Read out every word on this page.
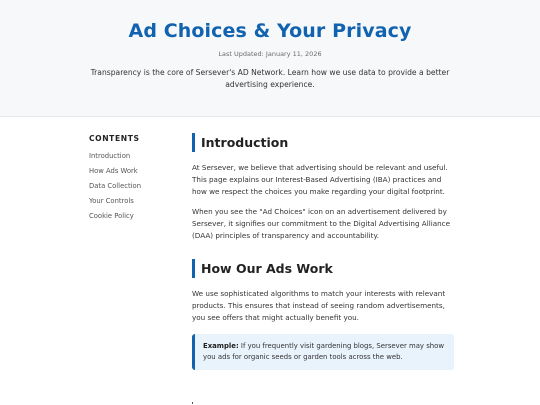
Ad Choices & Your Privacy
Last Updated: January 11, 2026

Transparency is the core of Sersever's AD Network. Learn how we use data to provide a better advertising experience.

CONTENTS
Introduction
How Ads Work
Data Collection
Your Controls
Cookie Policy
Introduction

At Sersever, we believe that advertising should be relevant and useful. This page explains our Interest-Based Advertising (IBA) practices and how we respect the choices you make regarding your digital footprint.

When you see the "Ad Choices" icon on an advertisement delivered by Sersever, it signifies our commitment to the Digital Advertising Alliance (DAA) principles of transparency and accountability.

How Our Ads Work

We use sophisticated algorithms to match your interests with relevant products. This ensures that instead of seeing random advertisements, you see offers that might actually benefit you.

Example: If you frequently visit gardening blogs, Sersever may show you ads for organic seeds or garden tools across the web.
